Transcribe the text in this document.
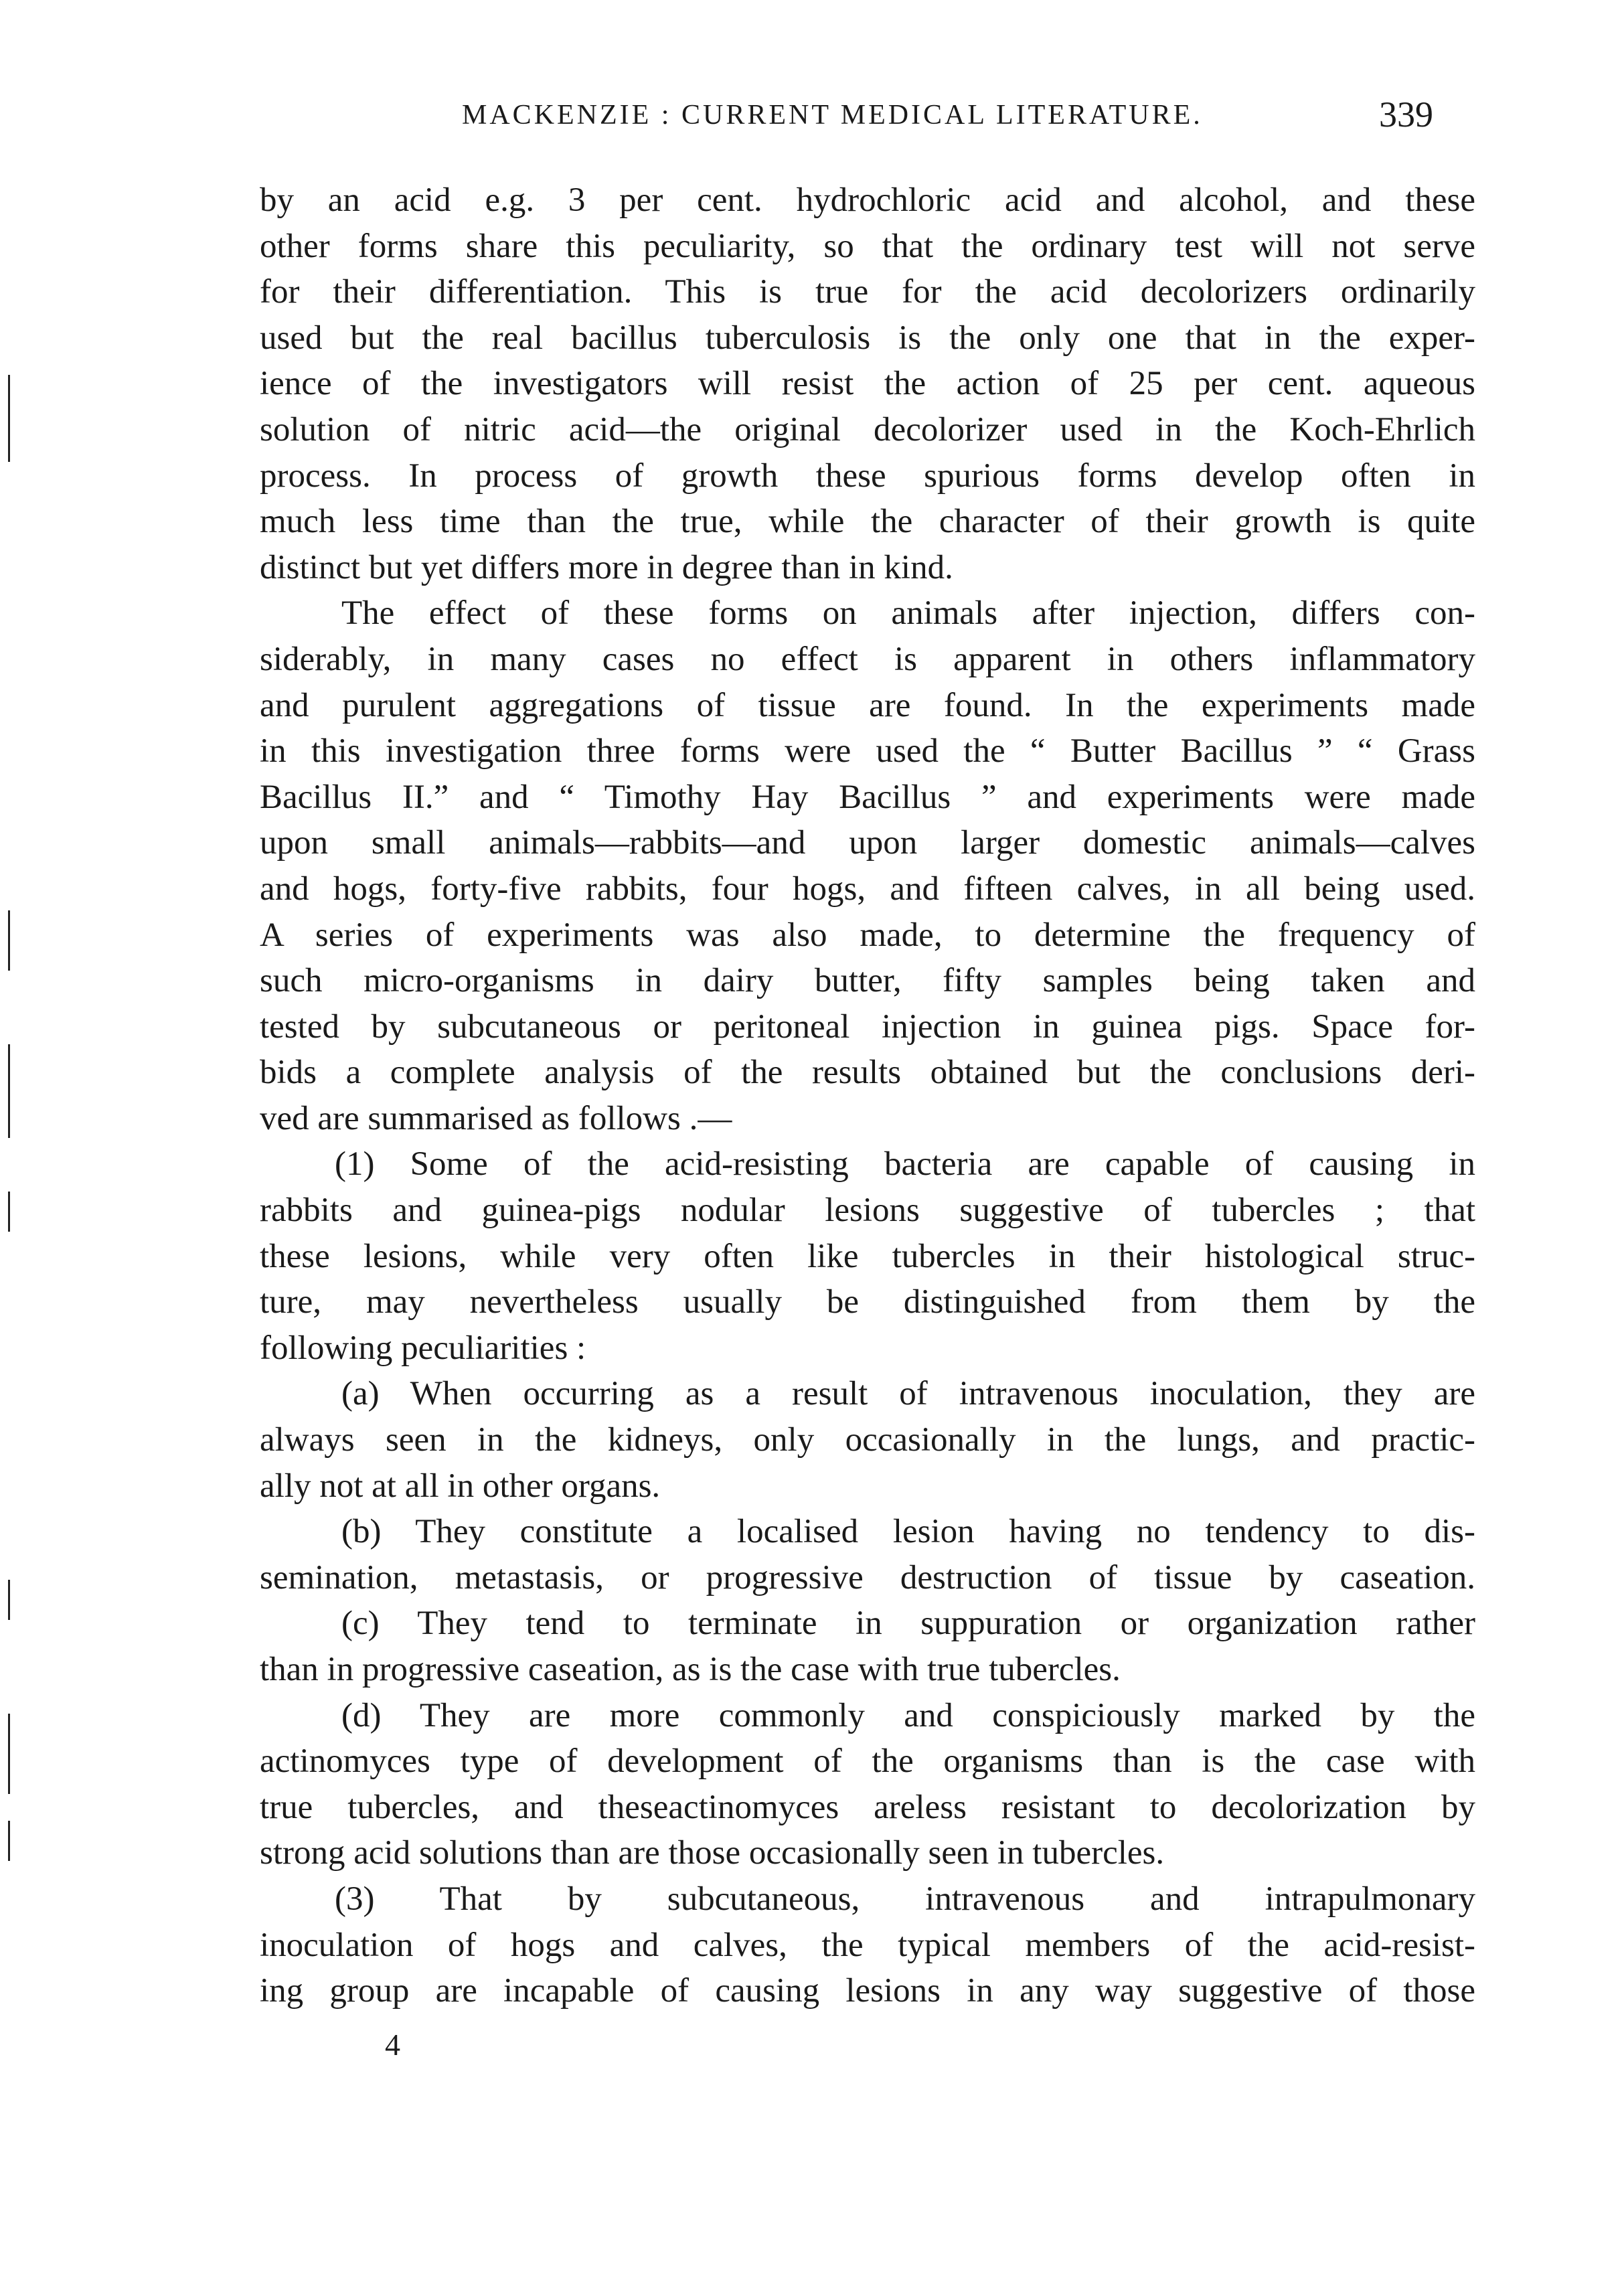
MACKENZIE : CURRENT MEDICAL LITERATURE.	339
by an acid e.g. 3 per cent. hydrochloric acid and alcohol, and these
other forms share this peculiarity, so that the ordinary test will not serve
for their differentiation. This is true for the acid decolorizers ordinarily
used but the real bacillus tuberculosis is the only one that in the exper-
ience of the investigators will resist the action of 25 per cent. aqueous
solution of nitric acid—the original decolorizer used in the Koch-Ehrlich
process. In process of growth these spurious forms develop often in
much less time than the true, while the character of their growth is quite
distinct but yet differs more in degree than in kind.
The effect of these forms on animals after injection, differs con-
siderably, in many cases no effect is apparent in others inflammatory
and purulent aggregations of tissue are found. In the experiments made
in this investigation three forms were used the “ Butter Bacillus ” “ Grass
Bacillus II.” and “ Timothy Hay Bacillus ” and experiments were made
upon small animals—rabbits—and upon larger domestic animals—calves
and hogs, forty-five rabbits, four hogs, and fifteen calves, in all being used.
A series of experiments was also made, to determine the frequency of
such micro-organisms in dairy butter, fifty samples being taken and
tested by subcutaneous or peritoneal injection in guinea pigs. Space for-
bids a complete analysis of the results obtained but the conclusions deri-
ved are summarised as follows .—
(1) Some of the acid-resisting bacteria are capable of causing in
rabbits and guinea-pigs nodular lesions suggestive of tubercles ; that
these lesions, while very often like tubercles in their histological struc-
ture, may nevertheless usually be distinguished from them by the
following peculiarities :
(a) When occurring as a result of intravenous inoculation, they are
always seen in the kidneys, only occasionally in the lungs, and practic-
ally not at all in other organs.
(b) They constitute a localised lesion having no tendency to dis-
semination, metastasis, or progressive destruction of tissue by caseation.
(c) They tend to terminate in suppuration or organization rather
than in progressive caseation, as is the case with true tubercles.
(d) They are more commonly and conspiciously marked by the
actinomyces type of development of the organisms than is the case with
true tubercles, and theseactinomyces areless resistant to decolorization by
strong acid solutions than are those occasionally seen in tubercles.
(3) That by subcutaneous, intravenous and intrapulmonary
inoculation of hogs and calves, the typical members of the acid-resist-
ing group are incapable of causing lesions in any way suggestive of those
4
